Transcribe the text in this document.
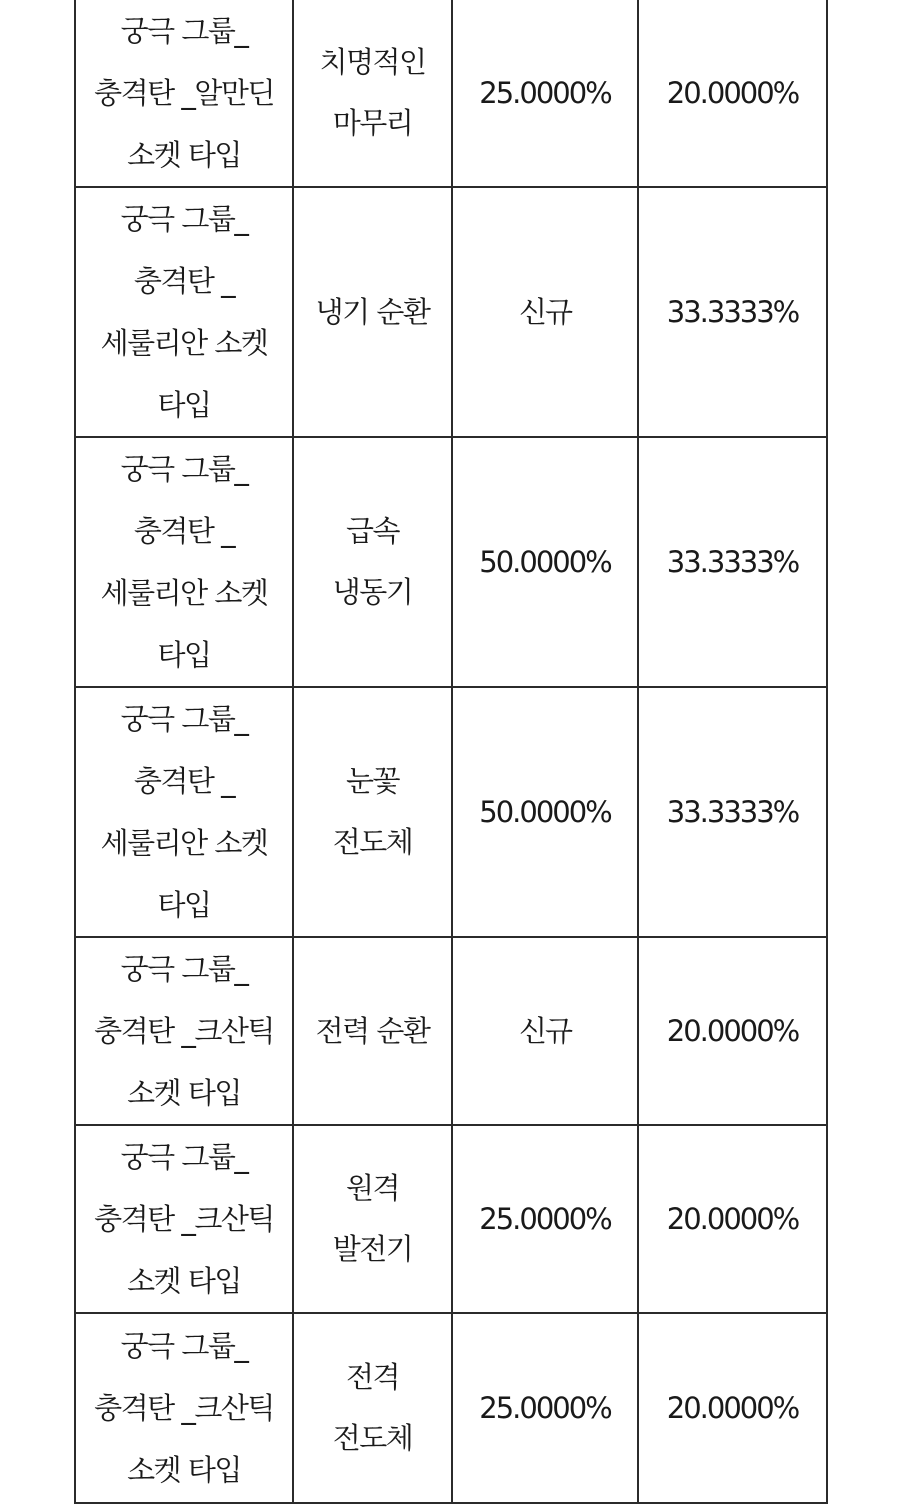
궁극 그룹_
충격탄 _알만딘
소켓 타입	치명적인
마무리	25.0000%	20.0000%
궁극 그룹_
충격탄 _
세룰리안 소켓
타입	냉기 순환	신규	33.3333%
궁극 그룹_
충격탄 _
세룰리안 소켓
타입	급속
냉동기	50.0000%	33.3333%
궁극 그룹_
충격탄 _
세룰리안 소켓
타입	눈꽃
전도체	50.0000%	33.3333%
궁극 그룹_
충격탄 _크산틱
소켓 타입	전력 순환	신규	20.0000%
궁극 그룹_
충격탄 _크산틱
소켓 타입	원격
발전기	25.0000%	20.0000%
궁극 그룹_
충격탄 _크산틱
소켓 타입	전격
전도체	25.0000%	20.0000%
